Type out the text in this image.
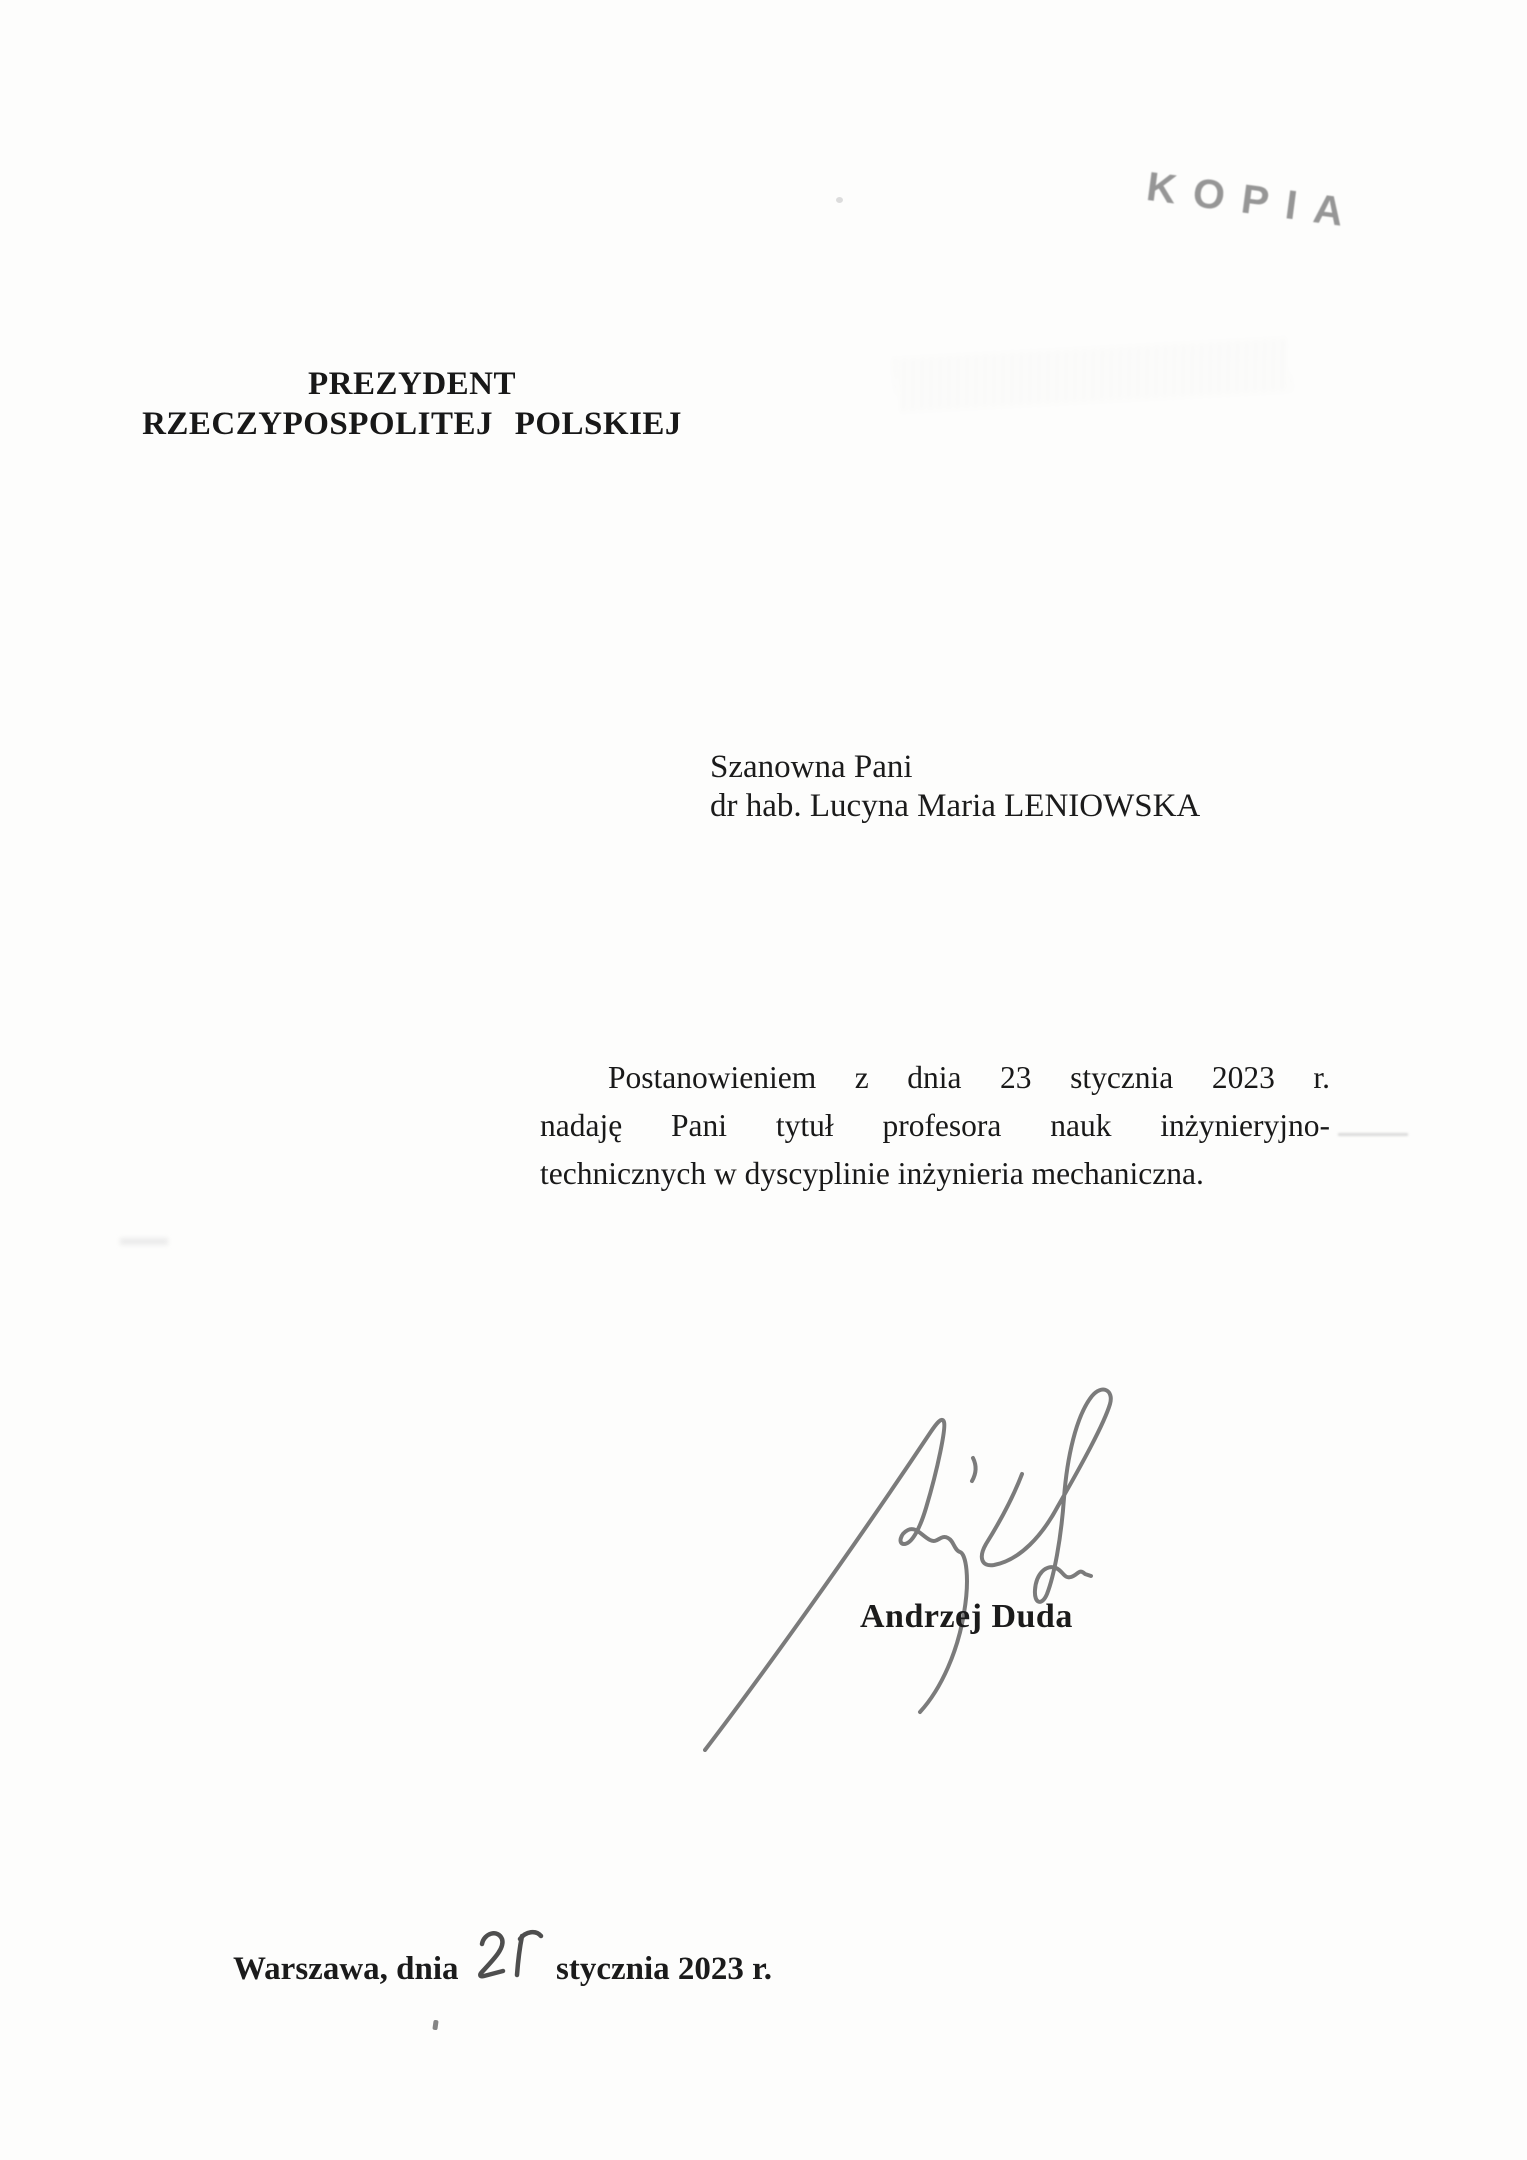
KOPIA
PREZYDENT
RZECZYPOSPOLITEJ POLSKIEJ
Szanowna Pani
dr hab. Lucyna Maria LENIOWSKA
Postanowieniem z dnia 23 stycznia 2023 r.
nadaję Pani tytuł profesora nauk inżynieryjno-
technicznych w dyscyplinie inżynieria mechaniczna.
Andrzej Duda
Warszawa, dnia	stycznia 2023 r.
